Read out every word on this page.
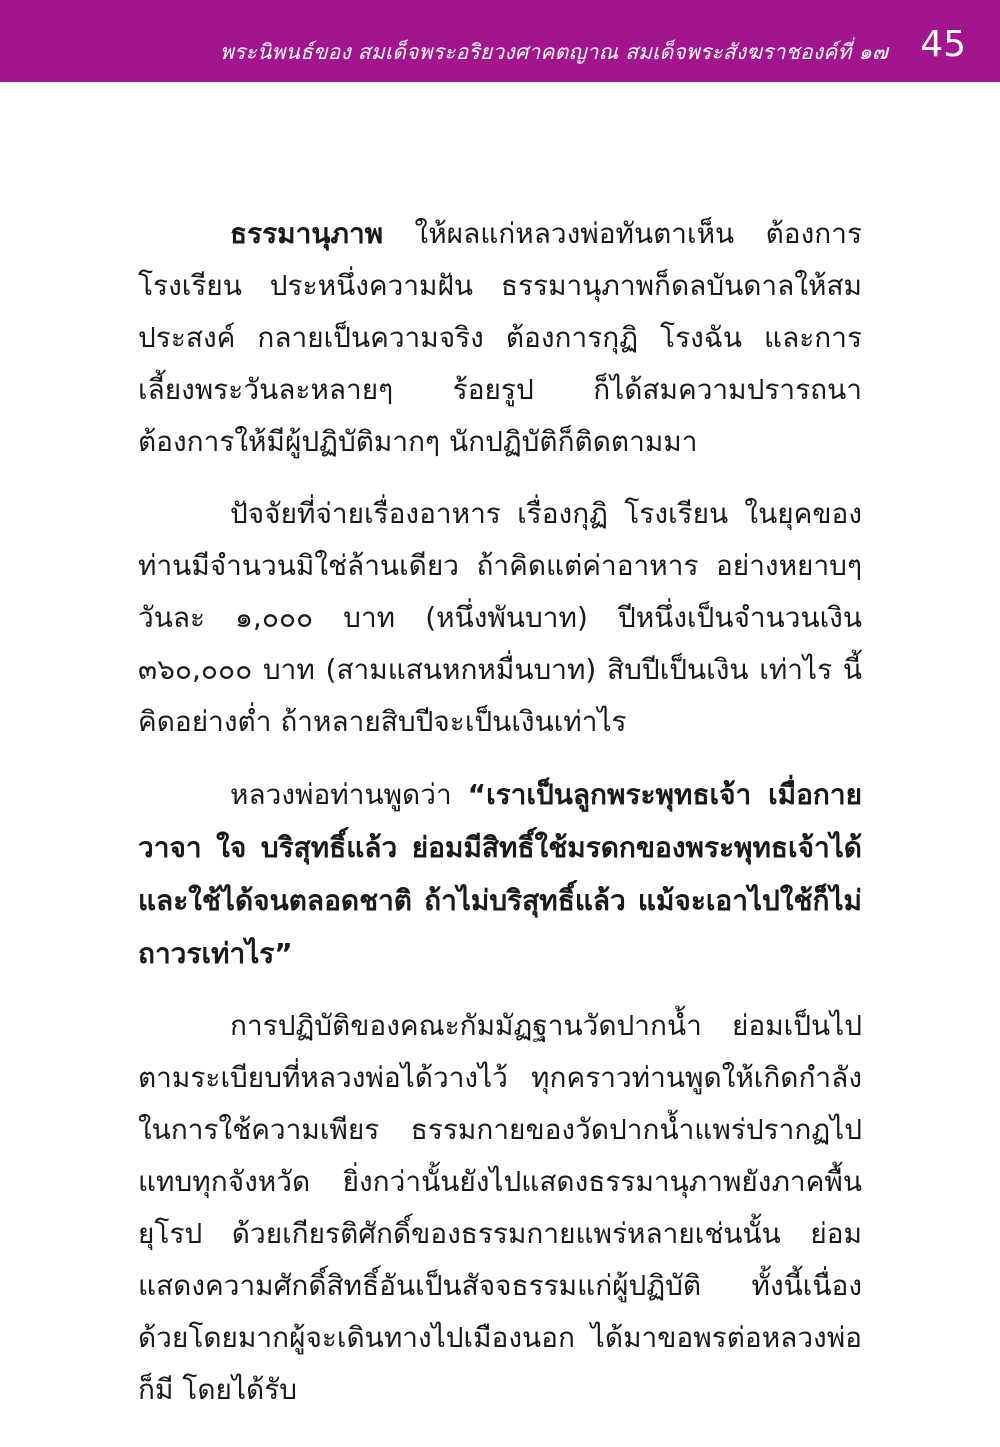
พระนิพนธ์ของ สมเด็จพระอริยวงศาคตญาณ สมเด็จพระสังฆราชองค์ที่ ๑๗ 45

ธรรมานุภาพ ให้ผลแก่หลวงพ่อทันตาเห็น ต้องการโรงเรียน ประหนึ่งความฝัน ธรรมานุภาพก็ดลบันดาลให้สมประสงค์ กลายเป็นความจริง ต้องการกุฏิ โรงฉัน และการเลี้ยงพระวันละหลายๆ ร้อยรูป ก็ได้สมความปรารถนา ต้องการให้มีผู้ปฏิบัติมากๆ นักปฏิบัติก็ติดตามมา

ปัจจัยที่จ่ายเรื่องอาหาร เรื่องกุฏิ โรงเรียน ในยุคของท่านมีจำนวนมิใช่ล้านเดียว ถ้าคิดแต่ค่าอาหาร อย่างหยาบๆ วันละ ๑,๐๐๐ บาท (หนึ่งพันบาท) ปีหนึ่งเป็นจำนวนเงิน ๓๖๐,๐๐๐ บาท (สามแสนหกหมื่นบาท) สิบปีเป็นเงิน เท่าไร นี้คิดอย่างต่ำ ถ้าหลายสิบปีจะเป็นเงินเท่าไร

หลวงพ่อท่านพูดว่า “เราเป็นลูกพระพุทธเจ้า เมื่อกาย วาจา ใจ บริสุทธิ์แล้ว ย่อมมีสิทธิ์ใช้มรดกของพระพุทธเจ้าได้ และใช้ได้จนตลอดชาติ ถ้าไม่บริสุทธิ์แล้ว แม้จะเอาไปใช้ก็ไม่ถาวรเท่าไร”

การปฏิบัติของคณะกัมมัฏฐานวัดปากน้ำ ย่อมเป็นไปตามระเบียบที่หลวงพ่อได้วางไว้ ทุกคราวท่านพูดให้เกิดกำลังในการใช้ความเพียร ธรรมกายของวัดปากน้ำแพร่ปรากฏไปแทบทุกจังหวัด ยิ่งกว่านั้นยังไปแสดงธรรมานุภาพยังภาคพื้นยุโรป ด้วยเกียรติศักดิ์ของธรรมกายแพร่หลายเช่นนั้น ย่อมแสดงความศักดิ์สิทธิ์อันเป็นสัจจธรรมแก่ผู้ปฏิบัติ ทั้งนี้เนื่องด้วยโดยมากผู้จะเดินทางไปเมืองนอก ได้มาขอพรต่อหลวงพ่อก็มี โดยได้รับ
